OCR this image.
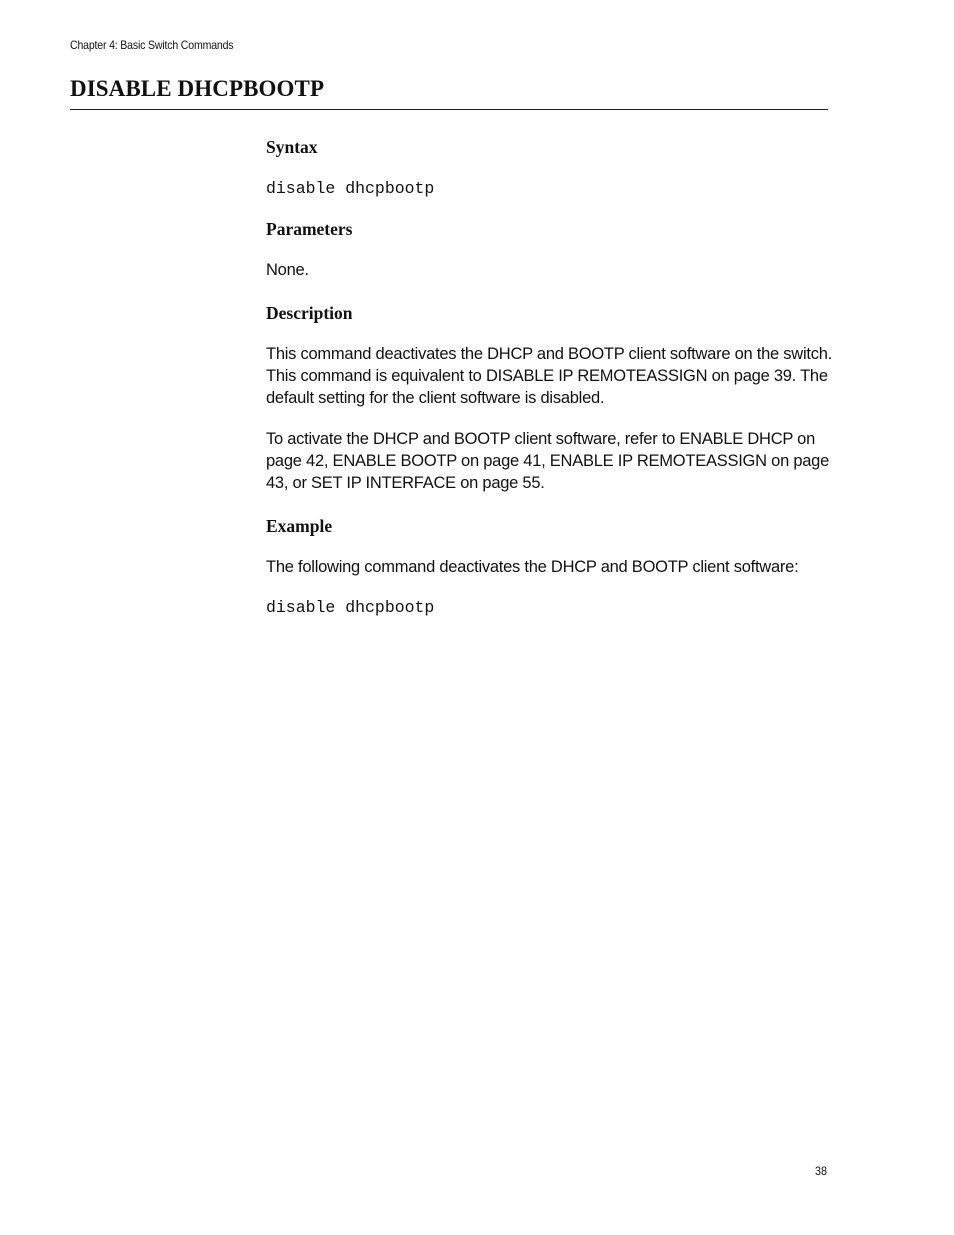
Chapter 4: Basic Switch Commands
DISABLE DHCPBOOTP
Syntax

disable dhcpbootp

Parameters

None.

Description

This command deactivates the DHCP and BOOTP client software on the switch. This command is equivalent to DISABLE IP REMOTEASSIGN on page 39. The default setting for the client software is disabled.

To activate the DHCP and BOOTP client software, refer to ENABLE DHCP on page 42, ENABLE BOOTP on page 41, ENABLE IP REMOTEASSIGN on page 43, or SET IP INTERFACE on page 55.

Example

The following command deactivates the DHCP and BOOTP client software:

disable dhcpbootp

38
